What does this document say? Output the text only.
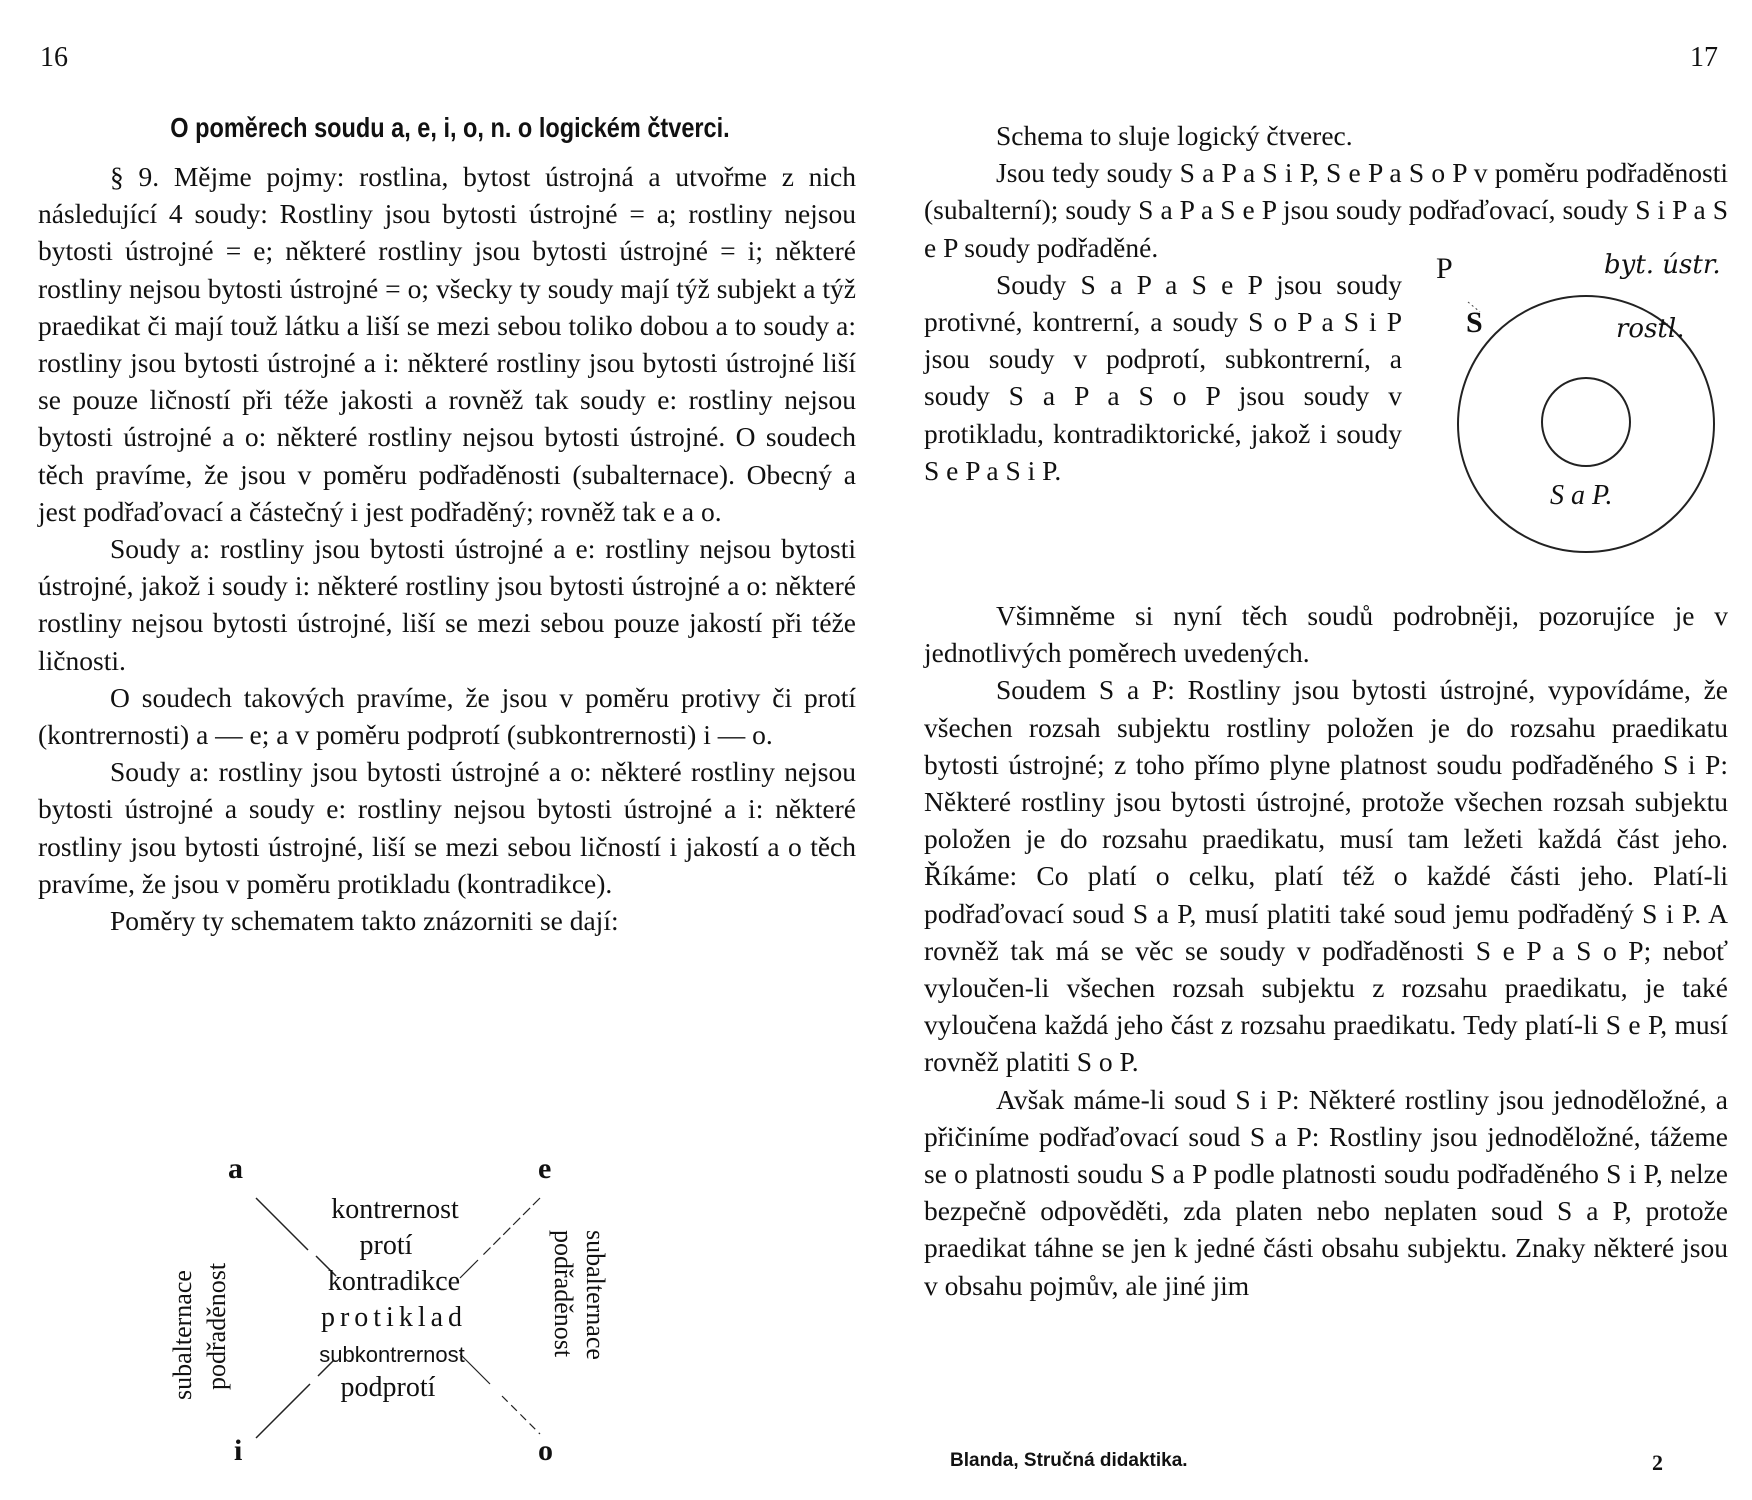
16
O poměrech soudu a, e, i, o, n. o logickém čtverci.

§ 9. Mějme pojmy: rostlina, bytost ústrojná a utvořme z nich následující 4 soudy: Rostliny jsou bytosti ústrojné = a; rostliny nejsou bytosti ústrojné = e; některé rostliny jsou bytosti ústrojné = i; některé rostliny nejsou bytosti ústrojné = o; všecky ty soudy mají týž subjekt a týž praedikat či mají touž látku a liší se mezi sebou toliko dobou a to soudy a: rostliny jsou bytosti ústrojné a i: některé rostliny jsou bytosti ústrojné liší se pouze ličností při téže jakosti a rovněž tak soudy e: rostliny nejsou bytosti ústrojné a o: některé rostliny nejsou bytosti ústrojné. O soudech těch pravíme, že jsou v poměru podřaděnosti (subalternace). Obecný a jest podřaďovací a částečný i jest podřaděný; rovněž tak e a o.

Soudy a: rostliny jsou bytosti ústrojné a e: rostliny nejsou bytosti ústrojné, jakož i soudy i: některé rostliny jsou bytosti ústrojné a o: některé rostliny nejsou bytosti ústrojné, liší se mezi sebou pouze jakostí při téže ličnosti.

O soudech takových pravíme, že jsou v poměru protivy či protí (kontrernosti) a — e; a v poměru podprotí (subkontrernosti) i — o.

Soudy a: rostliny jsou bytosti ústrojné a o: některé rostliny nejsou bytosti ústrojné a soudy e: rostliny nejsou bytosti ústrojné a i: některé rostliny jsou bytosti ústrojné, liší se mezi sebou ličností i jakostí a o těch pravíme, že jsou v poměru protikladu (kontradikce).

Poměry ty schematem takto znázorniti se dají:

a	e
i	o
kontrernost
protí
kontradikce
protiklad
subkontrernost
podprotí
subalternace podřaděnost	subalternace
podřaděnost
17

Schema to sluje logický čtverec.

Jsou tedy soudy S a P a S i P, S e P a S o P v poměru podřaděnosti (subalterní); soudy S a P a S e P jsou soudy podřaďovací, soudy S i P a S e P soudy podřaděné.

Soudy S a P a S e P jsou soudy protivné, kontrerní, a soudy S o P a S i P jsou soudy v podprotí, subkontrerní, a soudy S a P a S o P jsou soudy v protikladu, kontradiktorické, jakož i soudy S e P a S i P.

Všimněme si nyní těch soudů podrobněji, pozorujíce je v jednotlivých poměrech uvedených.

Soudem S a P: Rostliny jsou bytosti ústrojné, vypovídáme, že všechen rozsah subjektu rostliny položen je do rozsahu praedikatu bytosti ústrojné; z toho přímo plyne platnost soudu podřaděného S i P: Některé rostliny jsou bytosti ústrojné, protože všechen rozsah subjektu položen je do rozsahu praedikatu, musí tam ležeti každá část jeho. Říkáme: Co platí o celku, platí též o každé části jeho. Platí-li podřaďovací soud S a P, musí platiti také soud jemu podřaděný S i P. A rovněž tak má se věc se soudy v podřaděnosti S e P a S o P; neboť vyloučen-li všechen rozsah subjektu z rozsahu praedikatu, je také vyloučena každá jeho část z rozsahu praedikatu. Tedy platí-li S e P, musí rovněž platiti S o P.

Avšak máme-li soud S i P: Některé rostliny jsou jednoděložné, a přičiníme podřaďovací soud S a P: Rostliny jsou jednoděložné, tážeme se o platnosti soudu S a P podle platnosti soudu podřaděného S i P, nelze bezpečně odpověděti, zda platen nebo neplaten soud S a P, protože praedikat táhne se jen k jedné části obsahu subjektu. Znaky některé jsou v obsahu pojmův, ale jiné jim

Blanda, Stručná didaktika.	2
P
S
byt. ústr.
rostl.
S a P.
